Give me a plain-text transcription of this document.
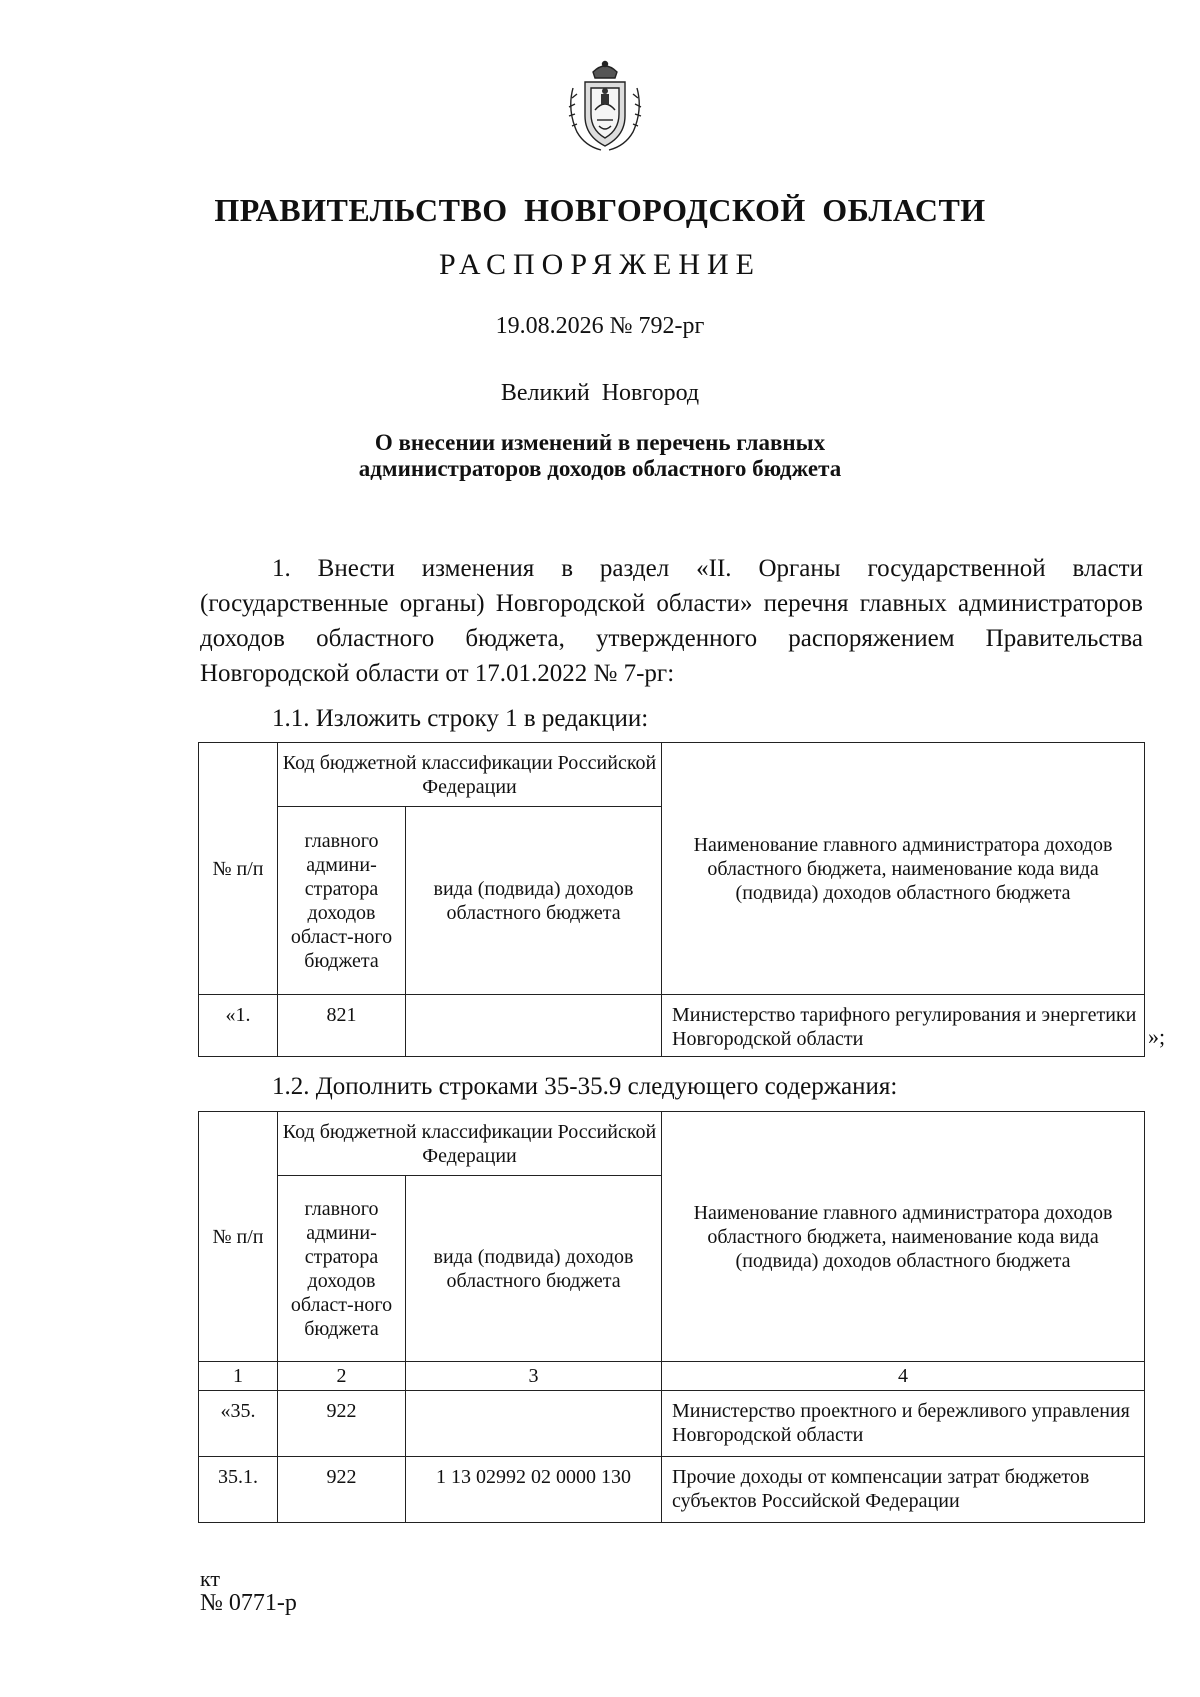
ПРАВИТЕЛЬСТВО НОВГОРОДСКОЙ ОБЛАСТИ
РАСПОРЯЖЕНИЕ
19.08.2026 № 792-рг
Великий Новгород
О внесении изменений в перечень главных
администраторов доходов областного бюджета
1. Внести изменения в раздел «II. Органы государственной власти (государственные органы) Новгородской области» перечня главных администраторов доходов областного бюджета, утвержденного распоряжением Правительства Новгородской области от 17.01.2022 № 7-рг:
1.1. Изложить строку 1 в редакции:
№ п/п	Код бюджетной классификации Российской Федерации		Наименование главного администратора доходов областного бюджета, наименование кода вида (подвида) доходов областного бюджета
	главного админи-стратора доходов област-ного бюджета	вида (подвида) доходов областного бюджета	
«1.	821		Министерство тарифного регулирования и энергетики Новгородской области	»;
1.2. Дополнить строками 35-35.9 следующего содержания:
№ п/п	Код бюджетной классификации Российской Федерации		Наименование главного администратора доходов областного бюджета, наименование кода вида (подвида) доходов областного бюджета
	главного админи-стратора доходов област-ного бюджета	вида (подвида) доходов областного бюджета	
1	2	3	4
«35.	922		Министерство проектного и бережливого управления Новгородской области
35.1.	922	1 13 02992 02 0000 130	Прочие доходы от компенсации затрат бюджетов субъектов Российской Федерации
кт
№ 0771-р
